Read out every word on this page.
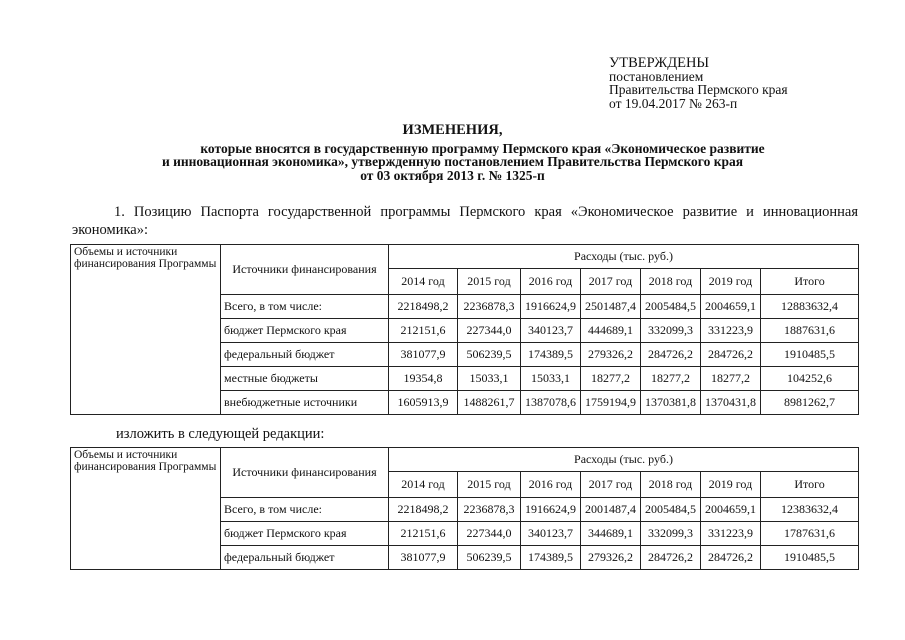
УТВЕРЖДЕНЫ
постановлением
Правительства Пермского края
от 19.04.2017 № 263-п
ИЗМЕНЕНИЯ,
которые вносятся в государственную программу Пермского края «Экономическое развитие
и инновационная экономика», утвержденную постановлением Правительства Пермского края
от 03 октября 2013 г. № 1325-п
1. Позицию Паспорта государственной программы Пермского края «Экономическое развитие и инновационная экономика»:
Объемы и источники финансирования Программы	Источники финансирования	Расходы (тыс. руб.)						
		2014 год	2015 год	2016 год	2017 год	2018 год	2019 год	Итого
	Всего, в том числе:	2218498,2	2236878,3	1916624,9	2501487,4	2005484,5	2004659,1	12883632,4
	бюджет Пермского края	212151,6	227344,0	340123,7	444689,1	332099,3	331223,9	1887631,6
	федеральный бюджет	381077,9	506239,5	174389,5	279326,2	284726,2	284726,2	1910485,5
	местные бюджеты	19354,8	15033,1	15033,1	18277,2	18277,2	18277,2	104252,6
	внебюджетные источники	1605913,9	1488261,7	1387078,6	1759194,9	1370381,8	1370431,8	8981262,7
изложить в следующей редакции:
Объемы и источники финансирования Программы	Источники финансирования	Расходы (тыс. руб.)						
		2014 год	2015 год	2016 год	2017 год	2018 год	2019 год	Итого
	Всего, в том числе:	2218498,2	2236878,3	1916624,9	2001487,4	2005484,5	2004659,1	12383632,4
	бюджет Пермского края	212151,6	227344,0	340123,7	344689,1	332099,3	331223,9	1787631,6
	федеральный бюджет	381077,9	506239,5	174389,5	279326,2	284726,2	284726,2	1910485,5
